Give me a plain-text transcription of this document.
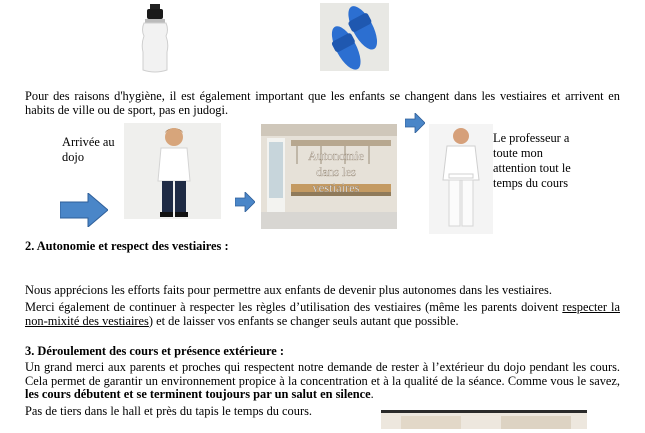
Pour des raisons d'hygiène, il est également important que les enfants se changent dans les vestiaires et arrivent en habits de ville ou de sport, pas en judogi.
Arrivée au dojo	Autonomie dans les vestiaires
Le professeur a toute mon attention tout le temps du cours
2. Autonomie et respect des vestiaires :
Nous apprécions les efforts faits pour permettre aux enfants de devenir plus autonomes dans les vestiaires.
Merci également de continuer à respecter les règles d’utilisation des vestiaires (même les parents doivent respecter la non-mixité des vestiaires) et de laisser vos enfants se changer seuls autant que possible.
3. Déroulement des cours et présence extérieure :
Un grand merci aux parents et proches qui respectent notre demande de rester à l’extérieur du dojo pendant les cours. Cela permet de garantir un environnement propice à la concentration et à la qualité de la séance. Comme vous le savez, les cours débutent et se terminent toujours par un salut en silence.
Pas de tiers dans le hall et près du tapis le temps du cours.
